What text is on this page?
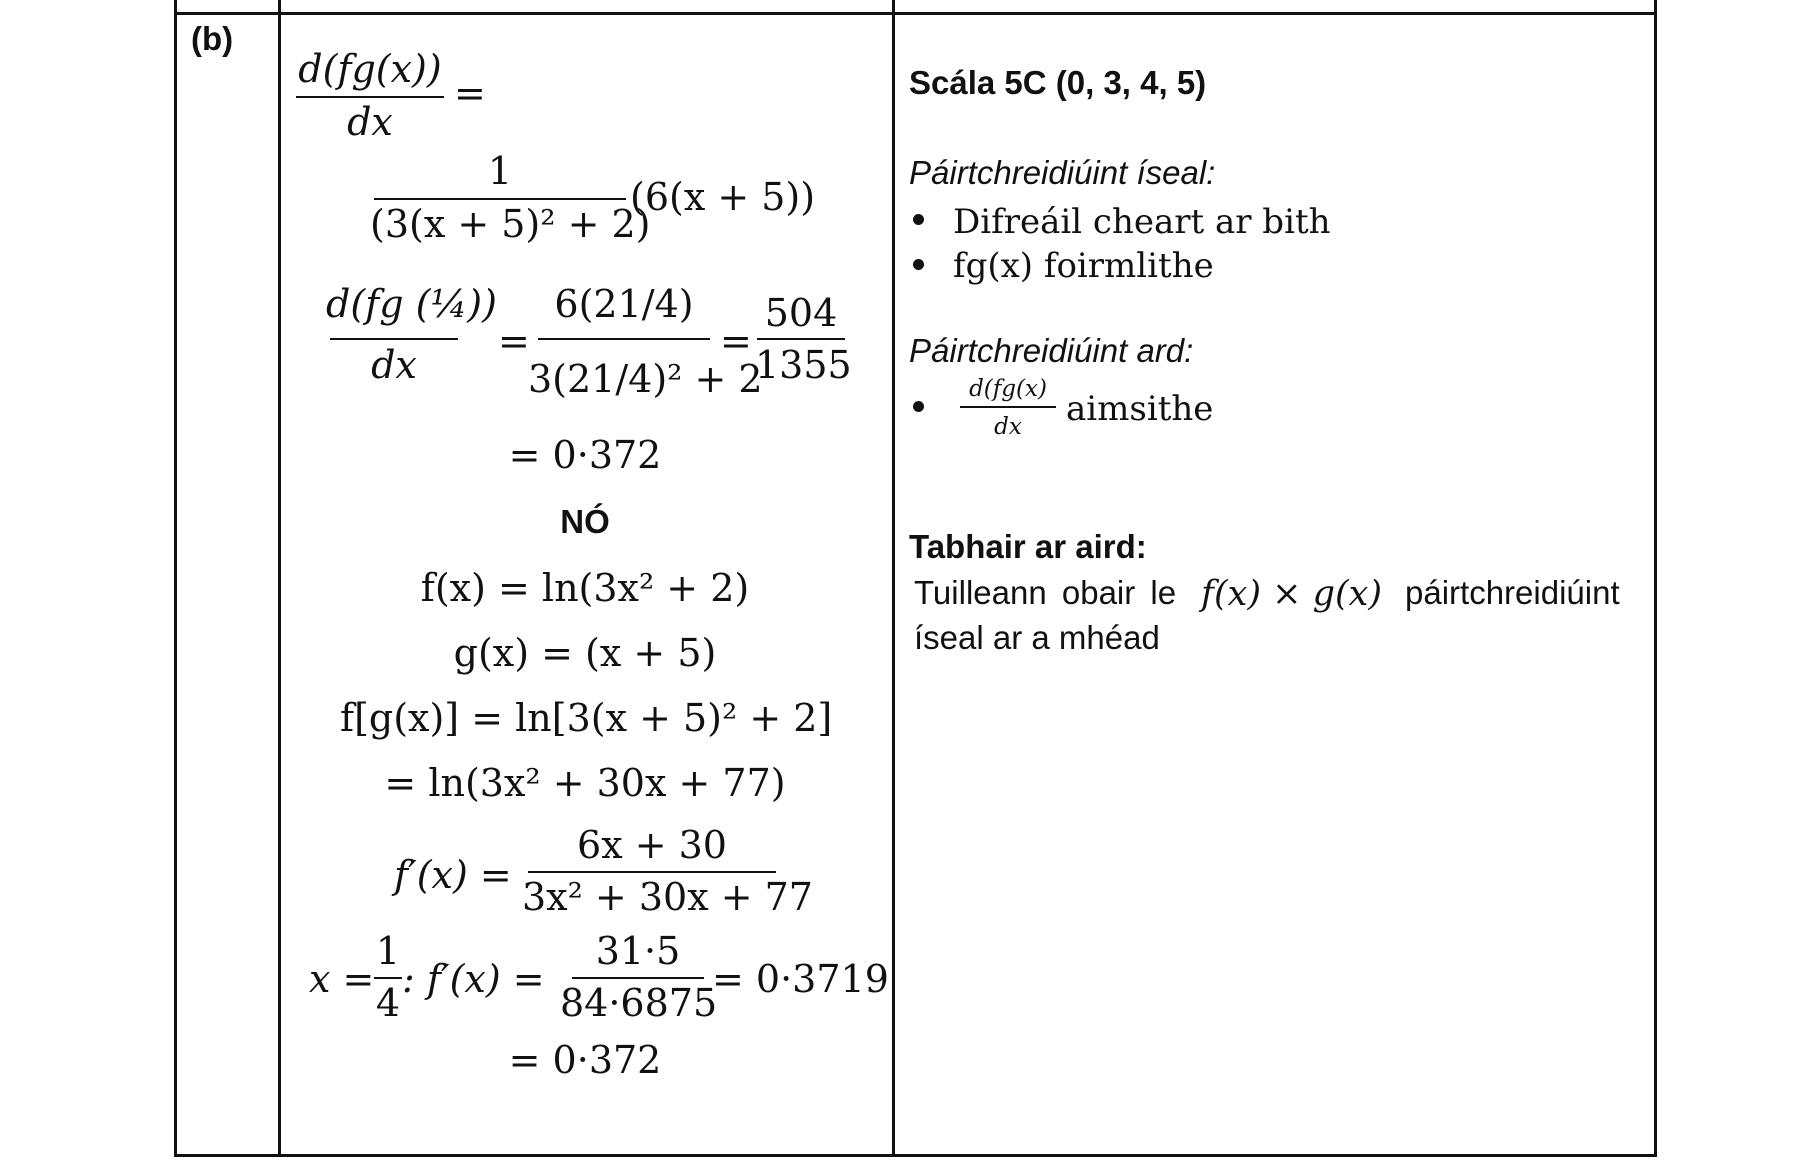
(b)
d(fg(x))
dx
=
1
(3(x + 5)² + 2)
(6(x + 5))
d(fg (¼))
dx
=
6(21/4)
3(21/4)² + 2
=
504
1355
= 0·372
NÓ
f(x) = ln(3x² + 2)
g(x) = (x + 5)
f[g(x)] = ln[3(x + 5)² + 2]
= ln(3x² + 30x + 77)
f′(x) =
6x + 30
3x² + 30x + 77
x =
1
4
: f′(x) =
31·5
84·6875
= 0·3719
= 0·372
Scála 5C (0, 3, 4, 5)
Páirtchreidiúint íseal:
Difreáil cheart ar bith
fg(x) foirmlithe
Páirtchreidiúint ard:
d(fg(x)
dx	aimsithe
Tabhair ar aird:
Tuilleann obair le f(x) × g(x) páirtchreidiúint
íseal ar a mhéad
